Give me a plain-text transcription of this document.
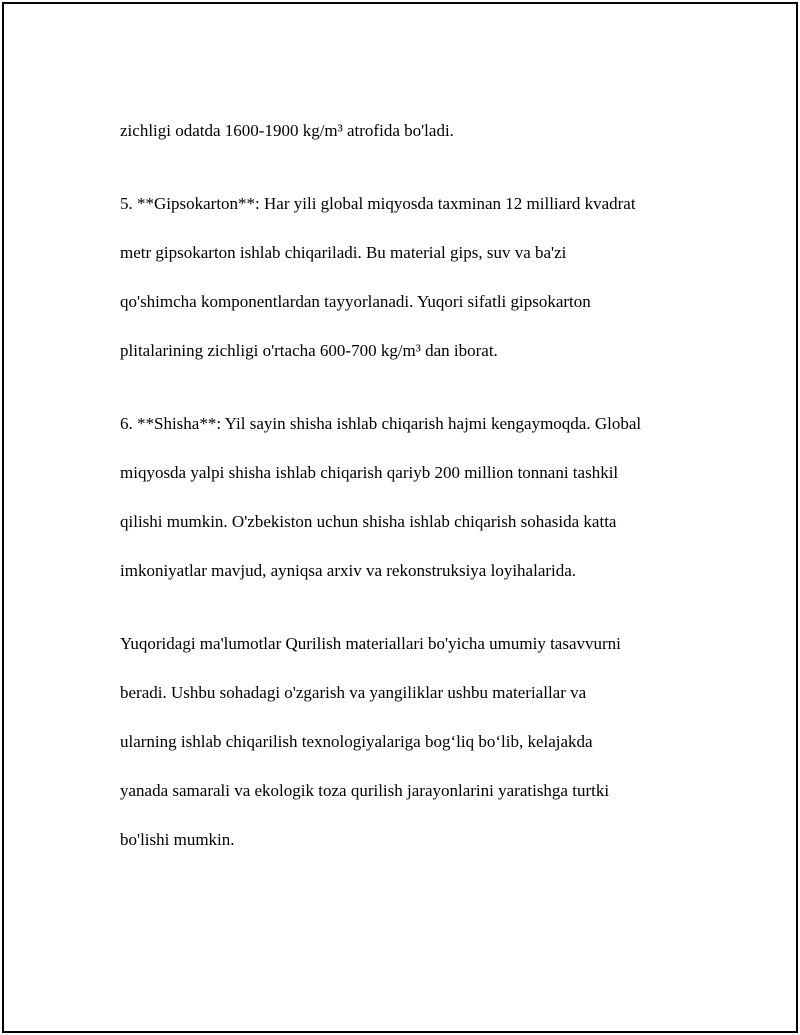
zichligi odatda 1600-1900 kg/m³ atrofida bo'ladi.

5. **Gipsokarton**: Har yili global miqyosda taxminan 12 milliard kvadrat

metr gipsokarton ishlab chiqariladi. Bu material gips, suv va ba'zi

qo'shimcha komponentlardan tayyorlanadi. Yuqori sifatli gipsokarton

plitalarining zichligi o'rtacha 600-700 kg/m³ dan iborat.

6. **Shisha**: Yil sayin shisha ishlab chiqarish hajmi kengaymoqda. Global

miqyosda yalpi shisha ishlab chiqarish qariyb 200 million tonnani tashkil

qilishi mumkin. O'zbekiston uchun shisha ishlab chiqarish sohasida katta

imkoniyatlar mavjud, ayniqsa arxiv va rekonstruksiya loyihalarida.

Yuqoridagi ma'lumotlar Qurilish materiallari bo'yicha umumiy tasavvurni

beradi. Ushbu sohadagi o'zgarish va yangiliklar ushbu materiallar va

ularning ishlab chiqarilish texnologiyalariga bog‘liq bo‘lib, kelajakda

yanada samarali va ekologik toza qurilish jarayonlarini yaratishga turtki

bo'lishi mumkin.
